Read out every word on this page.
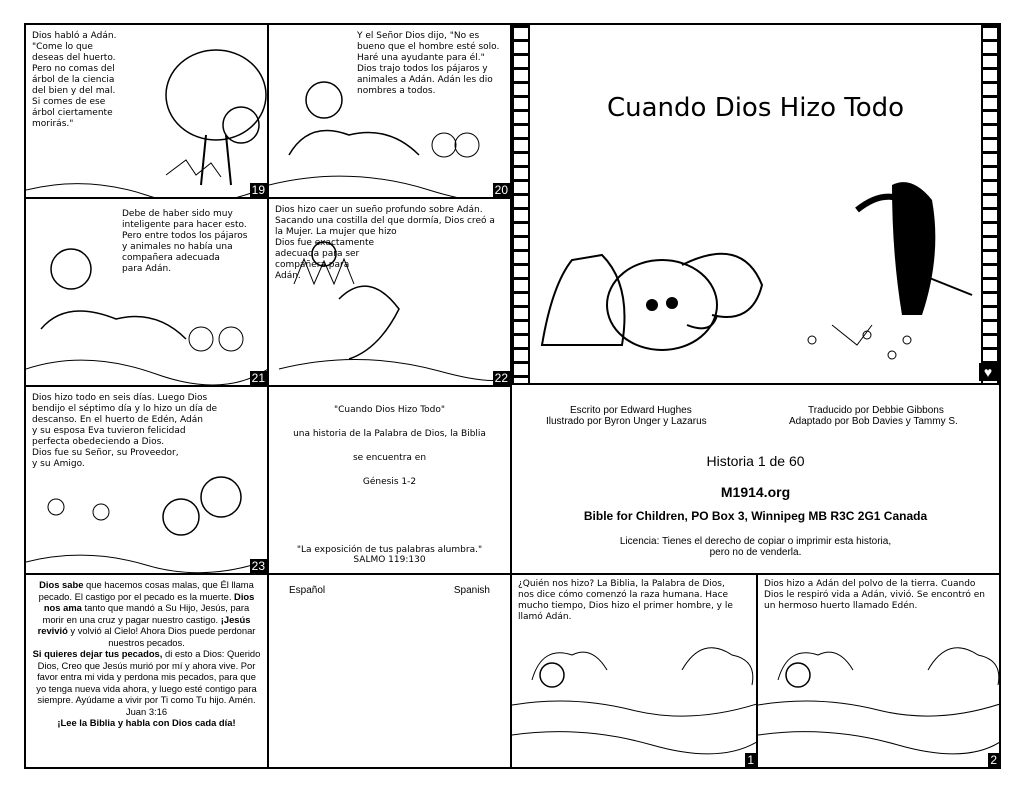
Dios habló a Adán.
"Come lo que
deseas del huerto.
Pero no comas del
árbol de la ciencia
del bien y del mal.
Si comes de ese
árbol ciertamente
morirás."
19
Y el Señor Dios dijo, "No es
bueno que el hombre esté solo.
Haré una ayudante para él."
Dios trajo todos los pájaros y
animales a Adán. Adán les dio
nombres a todos.
20
Cuando Dios Hizo Todo
♥
Debe de haber sido muy
inteligente para hacer esto.
Pero entre todos los pájaros
y animales no había una
compañera adecuada
para Adán.
21
Dios hizo caer un sueño profundo sobre Adán.
Sacando una costilla del que dormía, Dios creó a
la Mujer. La mujer que hizo
Dios fue exactamente
adecuada para ser
compañera para
Adán.
22
Dios hizo todo en seis días. Luego Dios
bendijo el séptimo día y lo hizo un día de
descanso. En el huerto de Edén, Adán
y su esposa Eva tuvieron felicidad
perfecta obedeciendo a Dios.
Dios fue su Señor, su Proveedor,
y su Amigo.
23
"Cuando Dios Hizo Todo"
una historia de la Palabra de Dios, la Biblia
se encuentra en
Génesis 1-2
"La exposición de tus palabras alumbra."
SALMO 119:130
Escrito por Edward Hughes
Ilustrado por Byron Unger y Lazarus
Traducido por Debbie Gibbons
Adaptado por Bob Davies y Tammy S.
Historia 1 de 60
M1914.org
Bible for Children, PO Box 3, Winnipeg MB R3C 2G1 Canada
Licencia: Tienes el derecho de copiar o imprimir esta historia,
pero no de venderla.
Dios sabe que hacemos cosas malas, que Él llama pecado. El castigo por el pecado es la muerte. Dios nos ama tanto que mandó a Su Hijo, Jesús, para morir en una cruz y pagar nuestro castigo. ¡Jesús revivió y volvió al Cielo! Ahora Dios puede perdonar nuestros pecados.
Si quieres dejar tus pecados, di esto a Dios: Querido Dios, Creo que Jesús murió por mí y ahora vive. Por favor entra mi vida y perdona mis pecados, para que yo tenga nueva vida ahora, y luego esté contigo para siempre. Ayúdame a vivir por Ti como Tu hijo. Amén.
Juan 3:16
¡Lee la Biblia y habla con Dios cada día!
Español	Spanish
¿Quién nos hizo? La Biblia, la Palabra de Dios,
nos dice cómo comenzó la raza humana. Hace
mucho tiempo, Dios hizo el primer hombre, y le
llamó Adán.
1
Dios hizo a Adán del polvo de la tierra. Cuando
Dios le respiró vida a Adán, vivió. Se encontró en
un hermoso huerto llamado Edén.
2
